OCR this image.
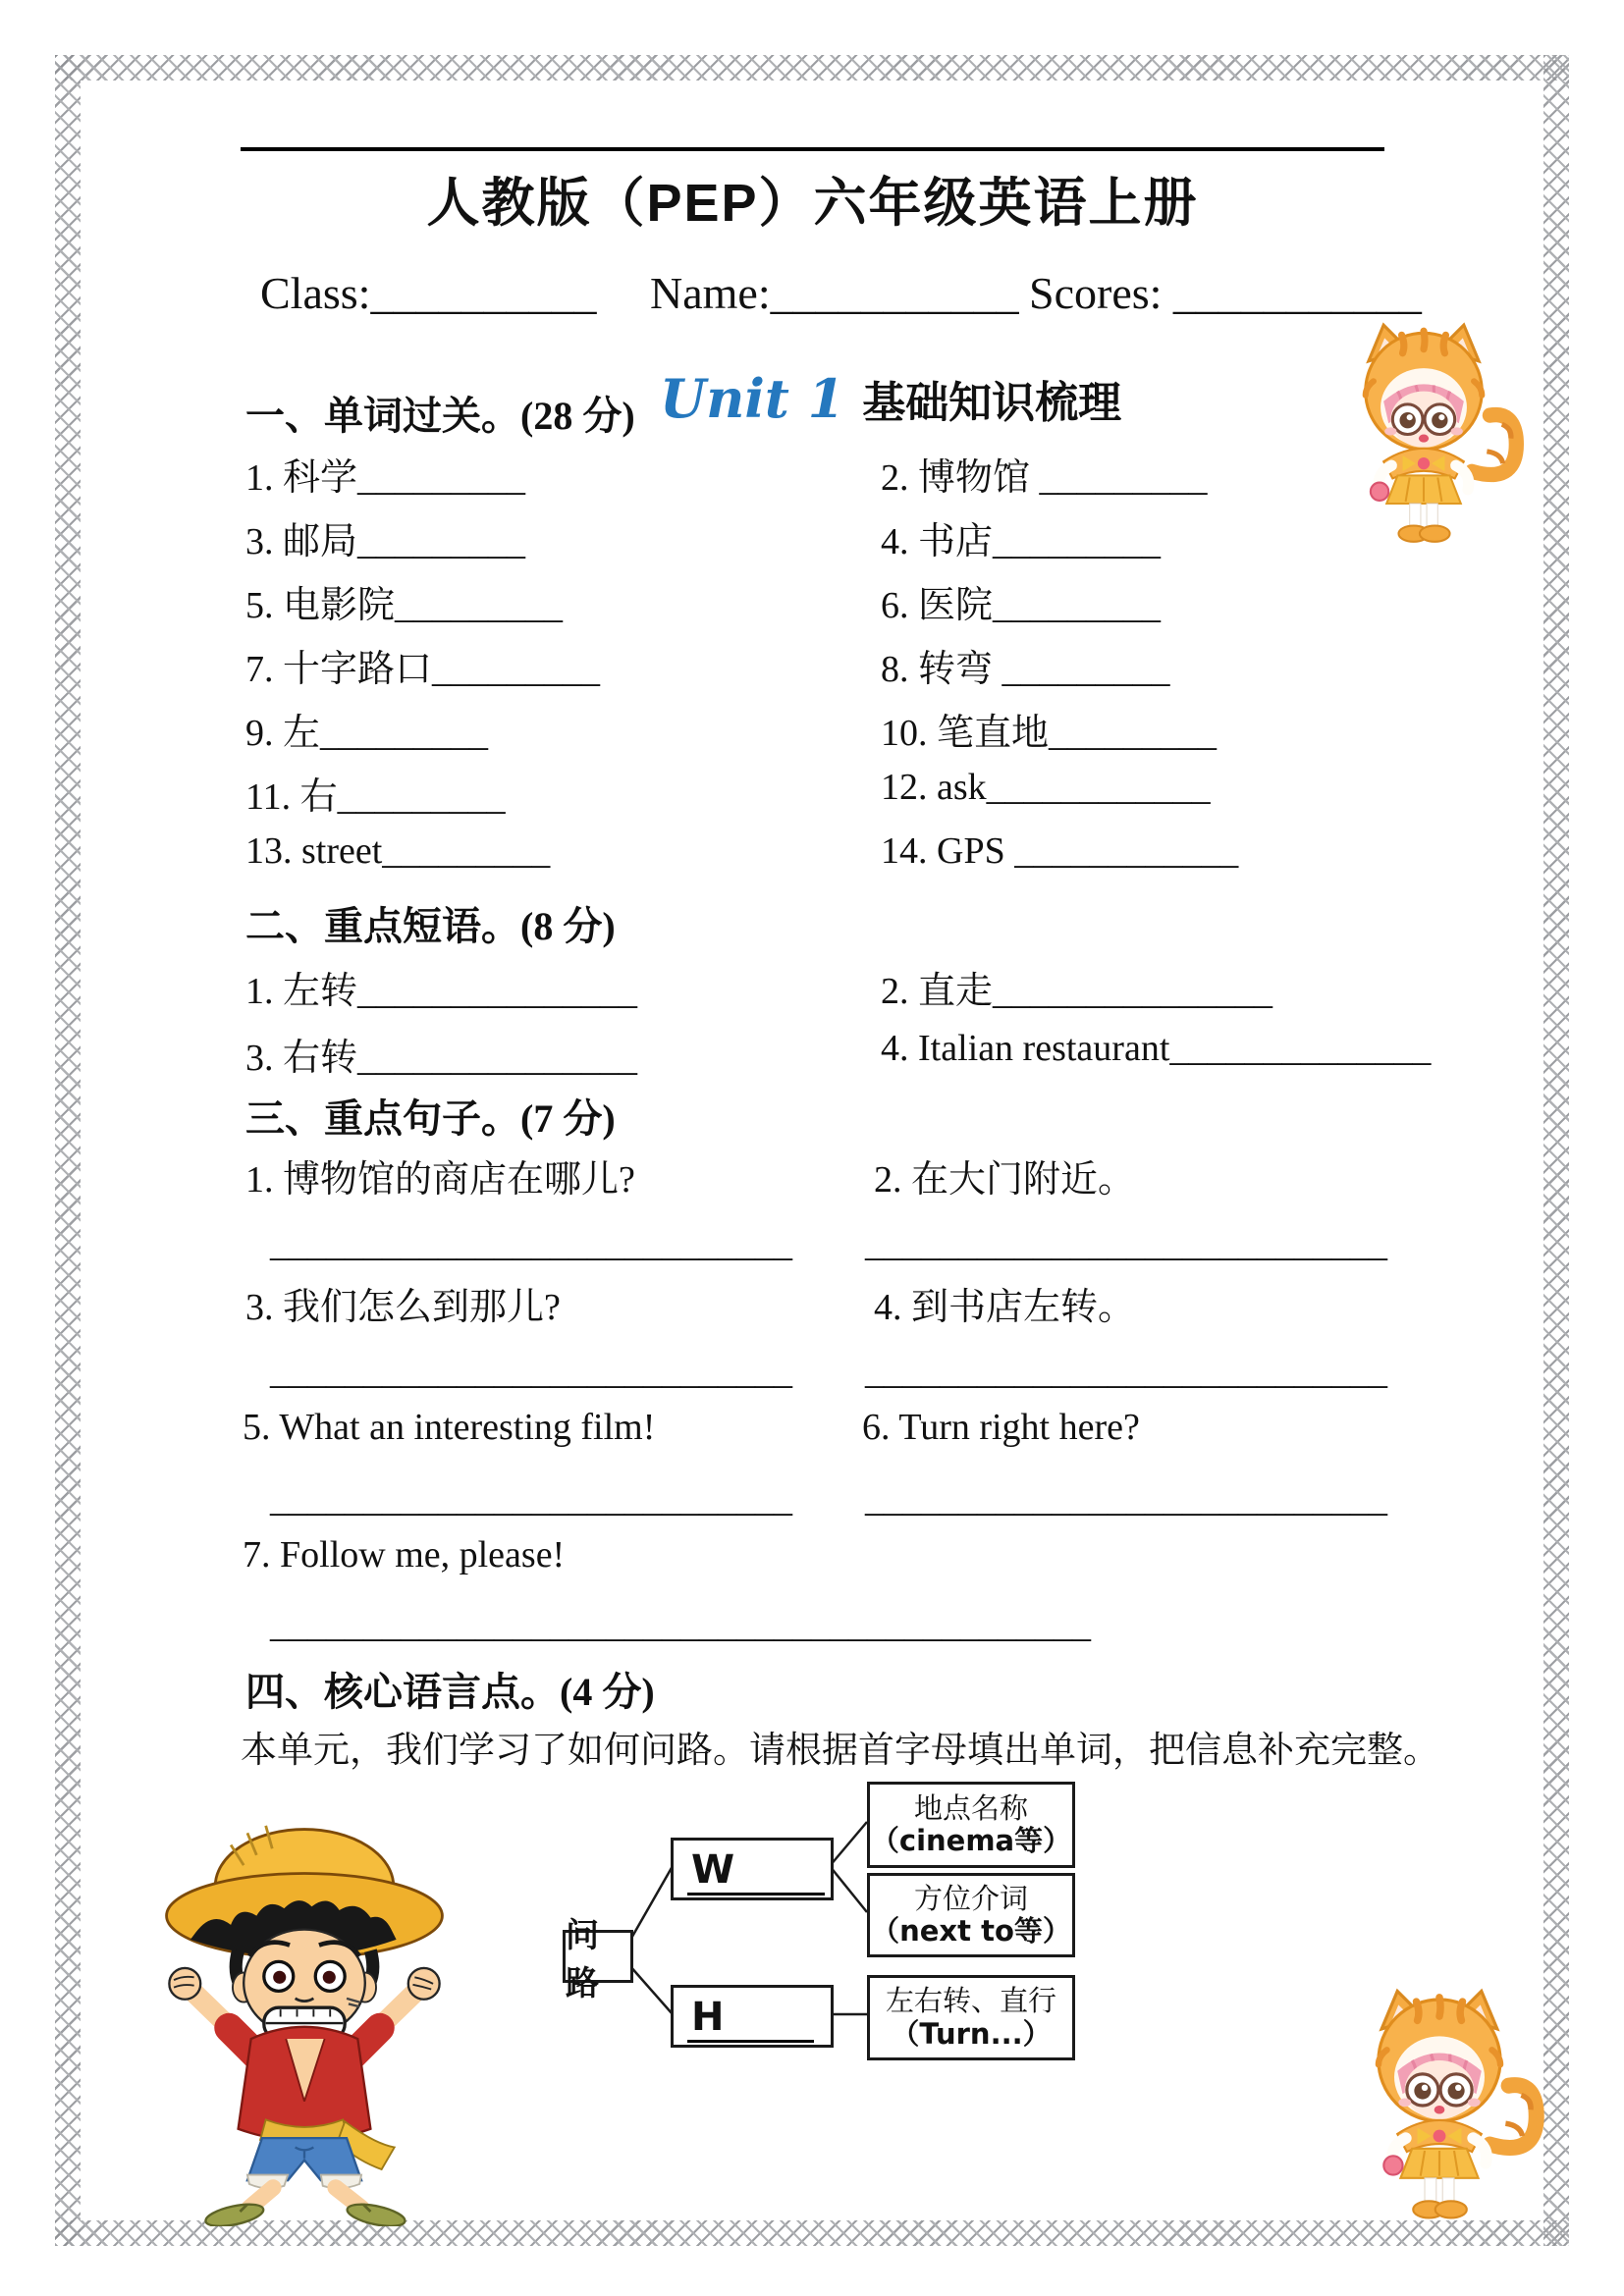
人教版（PEP）六年级英语上册
Class:__________ Name:___________ Scores: ___________
一、单词过关。(28 分) Unit 1 基础知识梳理
1. 科学_________	2. 博物馆 _________
3. 邮局_________	4. 书店_________
5. 电影院_________	6. 医院_________
7. 十字路口_________	8. 转弯 _________
9. 左_________	10. 笔直地_________
11. 右_________	12. ask____________
13. street_________	14. GPS ____________
二、重点短语。(8 分)
1. 左转_______________	2. 直走_______________
3. 右转_______________	4. Italian restaurant______________
三、重点句子。(7 分)
1. 博物馆的商店在哪儿?	2. 在大门附近。
____________________________ ____________________________
3. 我们怎么到那儿?	4. 到书店左转。
____________________________ ____________________________
5. What an interesting film!	6. Turn right here?
____________________________ ____________________________
7. Follow me, please!
____________________________________________
四、核心语言点。(4 分)
本单元，我们学习了如何问路。请根据首字母填出单词，把信息补充完整。
问路
W
H
地点名称
（cinema等）
方位介词
（next to等）
左右转、直行
（Turn...）
